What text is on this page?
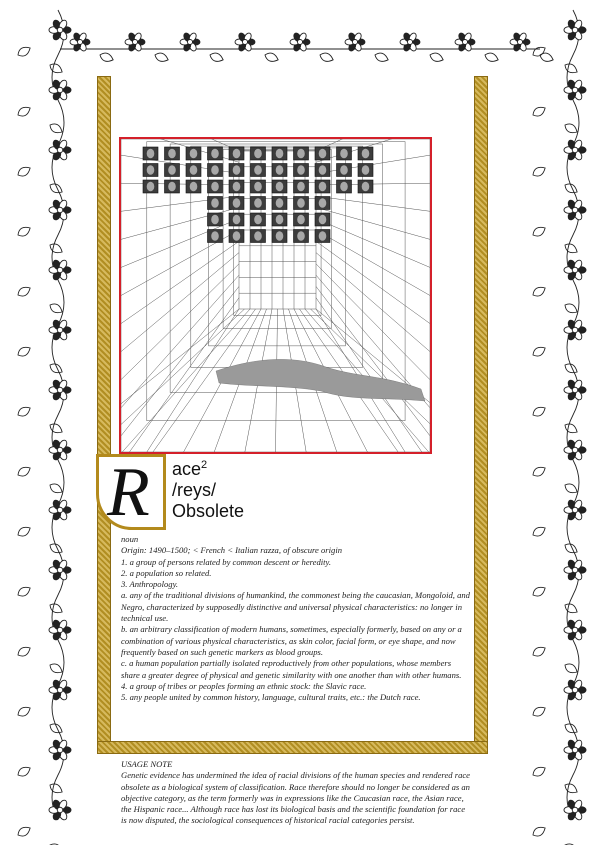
R ace$^2$
/reys/
Obsolete

noun

Origin: 1490–1500; < French < Italian razza, of obscure origin

1. a group of persons related by common descent or heredity.

2. a population so related.

3. Anthropology.

a. any of the traditional divisions of humankind, the commonest being the caucasian, Mongoloid, and Negro, characterized by supposedly distinctive and universal physical characteristics: no longer in technical use.

b. an arbitrary classification of modern humans, sometimes, especially formerly, based on any or a combination of various physical characteristics, as skin color, facial form, or eye shape, and now frequently based on such genetic markers as blood groups.

c. a human population partially isolated reproductively from other populations, whose members share a greater degree of physical and genetic similarity with one another than with other humans.

4. a group of tribes or peoples forming an ethnic stock: the Slavic race.

5. any people united by common history, language, cultural traits, etc.: the Dutch race.

USAGE NOTE

Genetic evidence has undermined the idea of racial divisions of the human species and rendered race obsolete as a biological system of classification. Race therefore should no longer be considered as an objective category, as the term formerly was in expressions like the Caucasian race, the Asian race, the Hispanic race... Although race has lost its biological basis and the scientific foundation for race is now disputed, the sociological consequences of historical racial categories persist.
